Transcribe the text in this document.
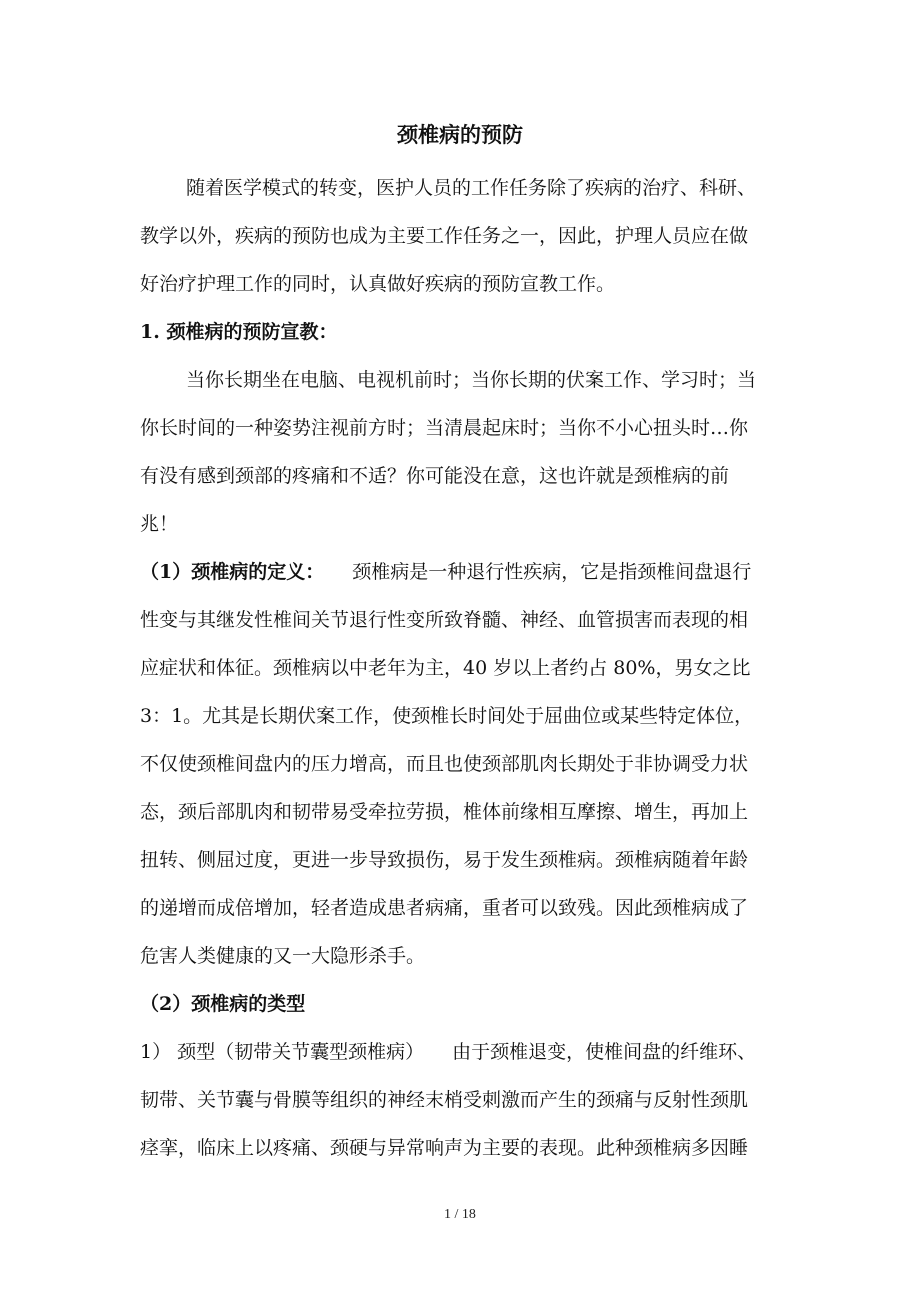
颈椎病的预防

随着医学模式的转变，医护人员的工作任务除了疾病的治疗、科研、

教学以外，疾病的预防也成为主要工作任务之一，因此，护理人员应在做

好治疗护理工作的同时，认真做好疾病的预防宣教工作。

1. 颈椎病的预防宣教：

当你长期坐在电脑、电视机前时；当你长期的伏案工作、学习时；当

你长时间的一种姿势注视前方时；当清晨起床时；当你不小心扭头时…你

有没有感到颈部的疼痛和不适？你可能没在意，这也许就是颈椎病的前

兆！

（1）颈椎病的定义： 颈椎病是一种退行性疾病，它是指颈椎间盘退行

性变与其继发性椎间关节退行性变所致脊髓、神经、血管损害而表现的相

应症状和体征。颈椎病以中老年为主，40 岁以上者约占 80%，男女之比

3：1。尤其是长期伏案工作，使颈椎长时间处于屈曲位或某些特定体位，

不仅使颈椎间盘内的压力增高，而且也使颈部肌肉长期处于非协调受力状

态，颈后部肌肉和韧带易受牵拉劳损，椎体前缘相互摩擦、增生，再加上

扭转、侧屈过度，更进一步导致损伤，易于发生颈椎病。颈椎病随着年龄

的递增而成倍增加，轻者造成患者病痛，重者可以致残。因此颈椎病成了

危害人类健康的又一大隐形杀手。

（2）颈椎病的类型

1） 颈型（韧带关节囊型颈椎病） 由于颈椎退变，使椎间盘的纤维环、

韧带、关节囊与骨膜等组织的神经末梢受刺激而产生的颈痛与反射性颈肌

痉挛，临床上以疼痛、颈硬与异常响声为主要的表现。此种颈椎病多因睡

1 / 18
